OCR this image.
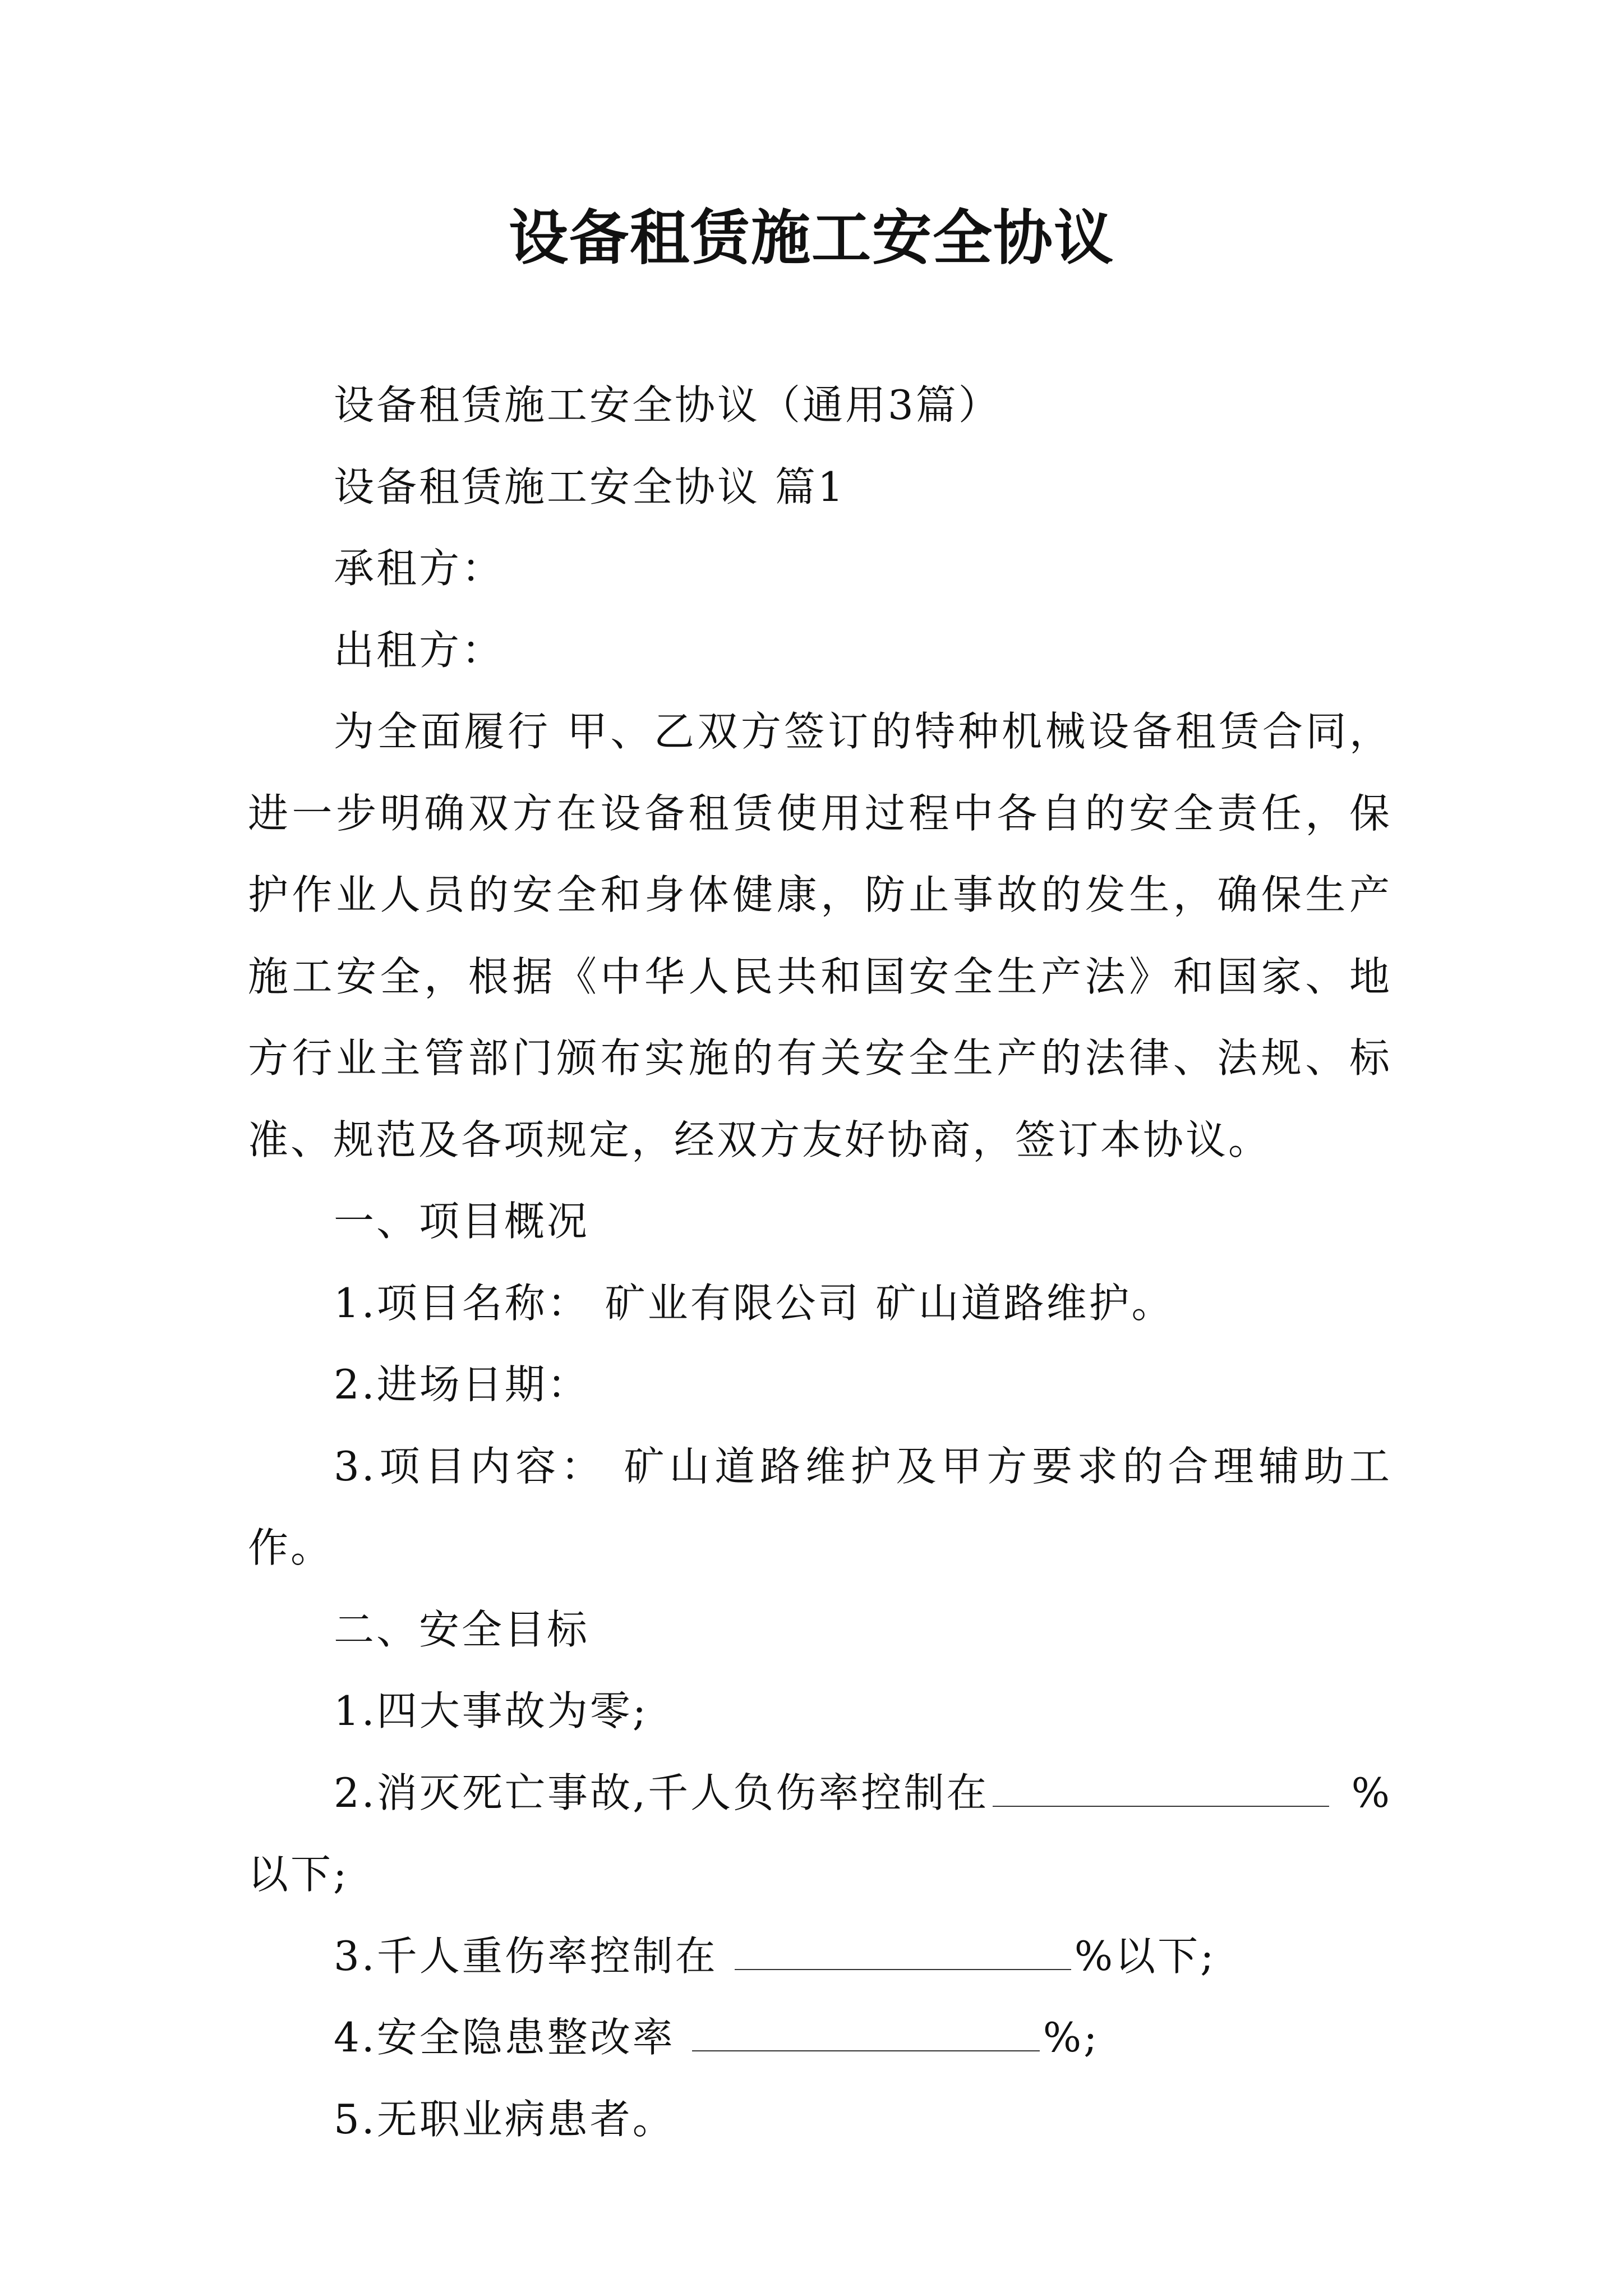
设备租赁施工安全协议

设备租赁施工安全协议（通用3篇）

设备租赁施工安全协议 篇1

承租方：

出租方：

为全面履行 甲、乙双方签订的特种机械设备租赁合同，进一步明确双方在设备租赁使用过程中各自的安全责任，保护作业人员的安全和身体健康，防止事故的发生，确保生产施工安全，根据《中华人民共和国安全生产法》和国家、地方行业主管部门颁布实施的有关安全生产的法律、法规、标准、规范及各项规定，经双方友好协商，签订本协议。

一、项目概况

1.项目名称： 矿业有限公司 矿山道路维护。

2.进场日期：

3.项目内容： 矿山道路维护及甲方要求的合理辅助工作。

二、安全目标

1.四大事故为零;

2.消灭死亡事故,千人负伤率控制在	%以下;

3.千人重伤率控制在	%以下;

4.安全隐患整改率	%;

5.无职业病患者。
